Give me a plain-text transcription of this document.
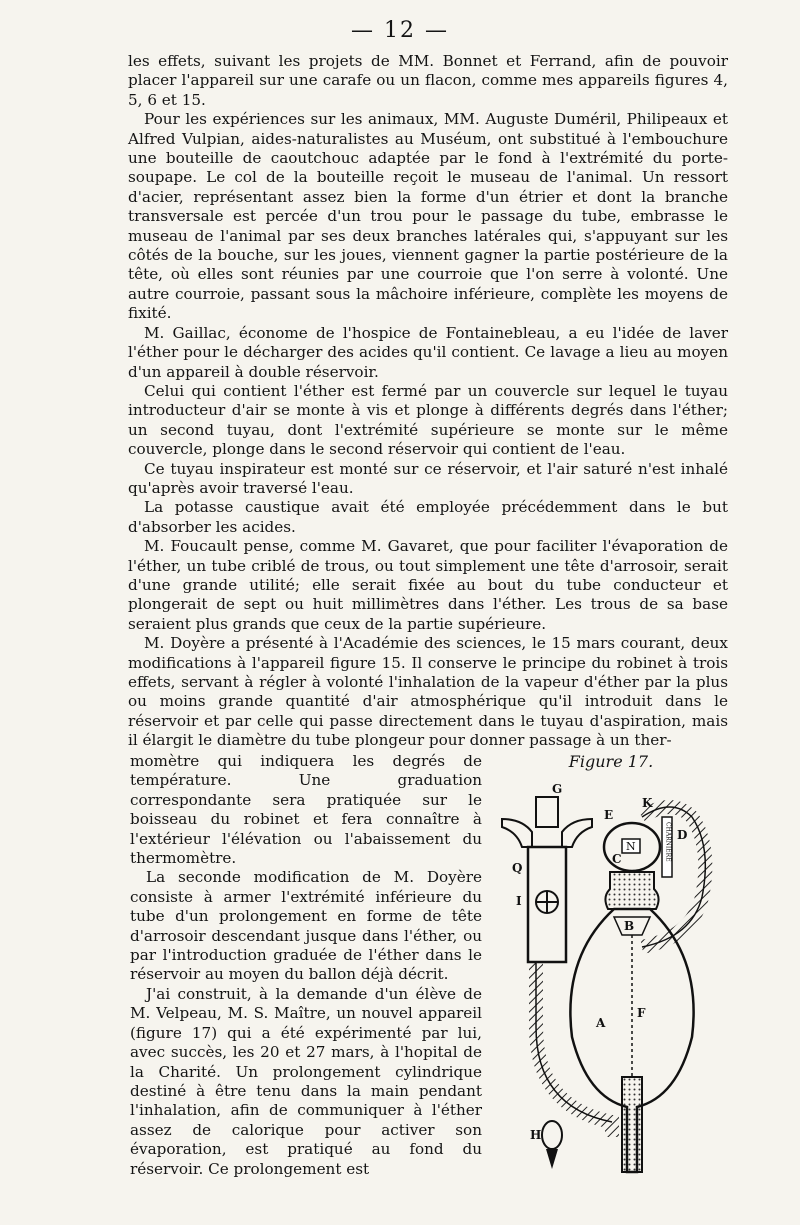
— 12 —

les effets, suivant les projets de MM. Bonnet et Ferrand, afin de pouvoir placer l'appareil sur une carafe ou un flacon, comme mes appareils figures 4, 5, 6 et 15.

Pour les expériences sur les animaux, MM. Auguste Duméril, Philipeaux et Alfred Vulpian, aides-naturalistes au Muséum, ont substitué à l'embouchure une bouteille de caoutchouc adaptée par le fond à l'extrémité du porte-soupape. Le col de la bouteille reçoit le museau de l'animal. Un ressort d'acier, représentant assez bien la forme d'un étrier et dont la branche transversale est percée d'un trou pour le passage du tube, embrasse le museau de l'animal par ses deux branches latérales qui, s'appuyant sur les côtés de la bouche, sur les joues, viennent gagner la partie postérieure de la tête, où elles sont réunies par une courroie que l'on serre à volonté. Une autre courroie, passant sous la mâchoire inférieure, complète les moyens de fixité.

M. Gaillac, économe de l'hospice de Fontainebleau, a eu l'idée de laver l'éther pour le décharger des acides qu'il contient. Ce lavage a lieu au moyen d'un appareil à double réservoir.

Celui qui contient l'éther est fermé par un couvercle sur lequel le tuyau introducteur d'air se monte à vis et plonge à différents degrés dans l'éther; un second tuyau, dont l'extrémité supérieure se monte sur le même couvercle, plonge dans le second réservoir qui contient de l'eau.

Ce tuyau inspirateur est monté sur ce réservoir, et l'air saturé n'est inhalé qu'après avoir traversé l'eau.

La potasse caustique avait été employée précédemment dans le but d'absorber les acides.

M. Foucault pense, comme M. Gavaret, que pour faciliter l'évaporation de l'éther, un tube criblé de trous, ou tout simplement une tête d'arrosoir, serait d'une grande utilité; elle serait fixée au bout du tube conducteur et plongerait de sept ou huit millimètres dans l'éther. Les trous de sa base seraient plus grands que ceux de la partie supérieure.

M. Doyère a présenté à l'Académie des sciences, le 15 mars courant, deux modifications à l'appareil figure 15. Il conserve le principe du robinet à trois effets, servant à régler à volonté l'inhalation de la vapeur d'éther par la plus ou moins grande quantité d'air atmosphérique qu'il introduit dans le réservoir et par celle qui passe directement dans le tuyau d'aspiration, mais il élargit le diamètre du tube plongeur pour donner passage à un ther-

Figure 17.
N	CHARNIÈRE
G
E
K
D
C
Q
I
B
A
F
H

momètre qui indiquera les degrés de température. Une graduation correspondante sera pratiquée sur le boisseau du robinet et fera connaître à l'extérieur l'élévation ou l'abaissement du thermomètre.

La seconde modification de M. Doyère consiste à armer l'extrémité inférieure du tube d'un prolongement en forme de tête d'arrosoir descendant jusque dans l'éther, ou par l'introduction graduée de l'éther dans le réservoir au moyen du ballon déjà décrit.

J'ai construit, à la demande d'un élève de M. Velpeau, M. S. Maître, un nouvel appareil (figure 17) qui a été expérimenté par lui, avec succès, les 20 et 27 mars, à l'hopital de la Charité. Un prolongement cylindrique destiné à être tenu dans la main pendant l'inhalation, afin de communiquer à l'éther assez de calorique pour activer son évaporation, est pratiqué au fond du réservoir. Ce prolongement est
